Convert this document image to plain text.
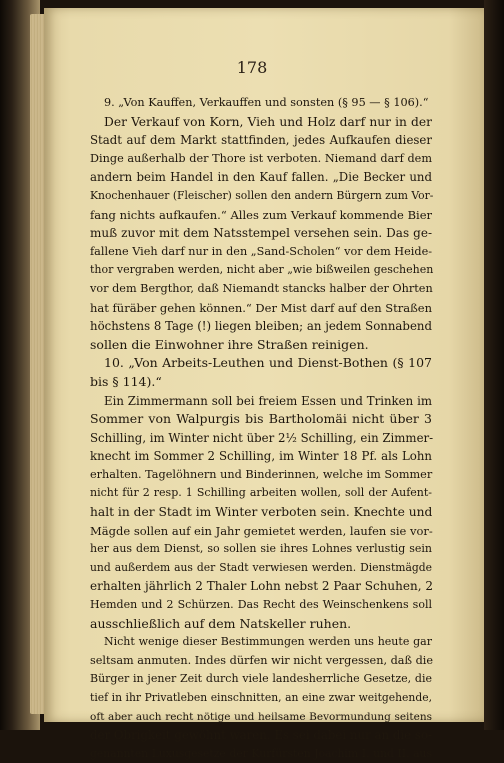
178
9. „Von Kauffen, Verkauffen und sonsten (§ 95 — § 106).“
Der Verkauf von Korn, Vieh und Holz darf nur in der
Stadt auf dem Markt stattfinden, jedes Aufkaufen dieser
Dinge außerhalb der Thore ist verboten. Niemand darf dem
andern beim Handel in den Kauf fallen. „Die Becker und
Knochenhauer (Fleischer) sollen den andern Bürgern zum Vor-
fang nichts aufkaufen.“ Alles zum Verkauf kommende Bier
muß zuvor mit dem Natsstempel versehen sein. Das ge-
fallene Vieh darf nur in den „Sand-Scholen“ vor dem Heide-
thor vergraben werden, nicht aber „wie bißweilen geschehen
vor dem Bergthor, daß Niemandt stancks halber der Ohrten
hat füräber gehen können.“ Der Mist darf auf den Straßen
höchstens 8 Tage (!) liegen bleiben; an jedem Sonnabend
sollen die Einwohner ihre Straßen reinigen.
10. „Von Arbeits-Leuthen und Dienst-Bothen (§ 107
bis § 114).“
Ein Zimmermann soll bei freiem Essen und Trinken im
Sommer von Walpurgis bis Bartholomäi nicht über 3
Schilling, im Winter nicht über 2½ Schilling, ein Zimmer-
knecht im Sommer 2 Schilling, im Winter 18 Pf. als Lohn
erhalten. Tagelöhnern und Binderinnen, welche im Sommer
nicht für 2 resp. 1 Schilling arbeiten wollen, soll der Aufent-
halt in der Stadt im Winter verboten sein. Knechte und
Mägde sollen auf ein Jahr gemietet werden, laufen sie vor-
her aus dem Dienst, so sollen sie ihres Lohnes verlustig sein
und außerdem aus der Stadt verwiesen werden. Dienstmägde
erhalten jährlich 2 Thaler Lohn nebst 2 Paar Schuhen, 2
Hemden und 2 Schürzen. Das Recht des Weinschenkens soll
ausschließlich auf dem Natskeller ruhen.
Nicht wenige dieser Bestimmungen werden uns heute gar
seltsam anmuten. Indes dürfen wir nicht vergessen, daß die
Bürger in jener Zeit durch viele landesherrliche Gesetze, die
tief in ihr Privatleben einschnitten, an eine zwar weitgehende,
oft aber auch recht nötige und heilsame Bevormundung seitens
der Obrigkeit gewöhnt waren. Es sei dabei nur an die so-
genannten Luxusgesetze der Kurfürsten Joachim I. und II. aus
